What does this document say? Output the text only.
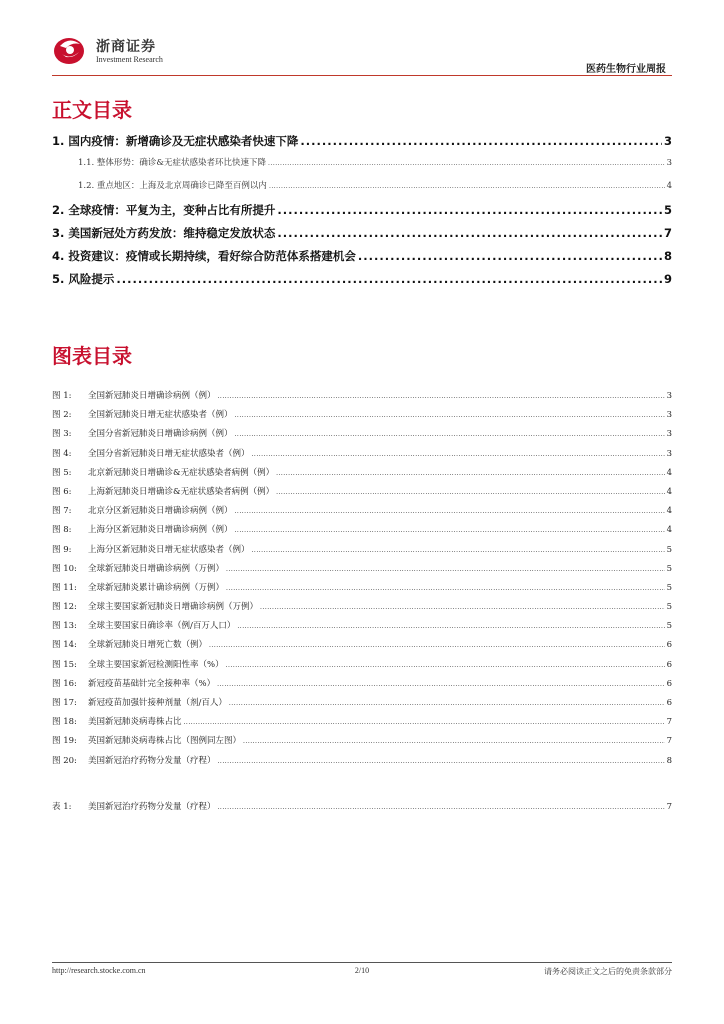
浙商证券
Investment Research
医药生物行业周报
正文目录
1. 国内疫情：新增确诊及无症状感染者快速下降 .....	3
1.1. 整体形势：确诊&无症状感染者环比快速下降 .....	3
1.2. 重点地区：上海及北京周确诊已降至百例以内 .....	4
2. 全球疫情：平复为主，变种占比有所提升 .....	5
3. 美国新冠处方药发放：维持稳定发放状态 .....	7
4. 投资建议：疫情或长期持续，看好综合防范体系搭建机会 .....	8
5. 风险提示 .....	9
图表目录
图 1: 全国新冠肺炎日增确诊病例（例） .....	3
图 2: 全国新冠肺炎日增无症状感染者（例） .....	3
图 3: 全国分省新冠肺炎日增确诊病例（例） .....	3
图 4: 全国分省新冠肺炎日增无症状感染者（例） .....	3
图 5: 北京新冠肺炎日增确诊&无症状感染者病例（例） .....	4
图 6: 上海新冠肺炎日增确诊&无症状感染者病例（例） .....	4
图 7: 北京分区新冠肺炎日增确诊病例（例） .....	4
图 8: 上海分区新冠肺炎日增确诊病例（例） .....	4
图 9: 上海分区新冠肺炎日增无症状感染者（例） .....	5
图 10: 全球新冠肺炎日增确诊病例（万例） .....	5
图 11: 全球新冠肺炎累计确诊病例（万例） .....	5
图 12: 全球主要国家新冠肺炎日增确诊病例（万例） .....	5
图 13: 全球主要国家日确诊率（例/百万人口） .....	5
图 14: 全球新冠肺炎日增死亡数（例） .....	6
图 15: 全球主要国家新冠检测阳性率（%） .....	6
图 16: 新冠疫苗基础针完全接种率（%） .....	6
图 17: 新冠疫苗加强针接种剂量（剂/百人） .....	6
图 18: 美国新冠肺炎病毒株占比 .....	7
图 19: 英国新冠肺炎病毒株占比（图例同左图） .....	7
图 20: 美国新冠治疗药物分发量（疗程） .....	8
表 1: 美国新冠治疗药物分发量（疗程） .....	7
http://research.stocke.com.cn	2/10	请务必阅读正文之后的免责条款部分
